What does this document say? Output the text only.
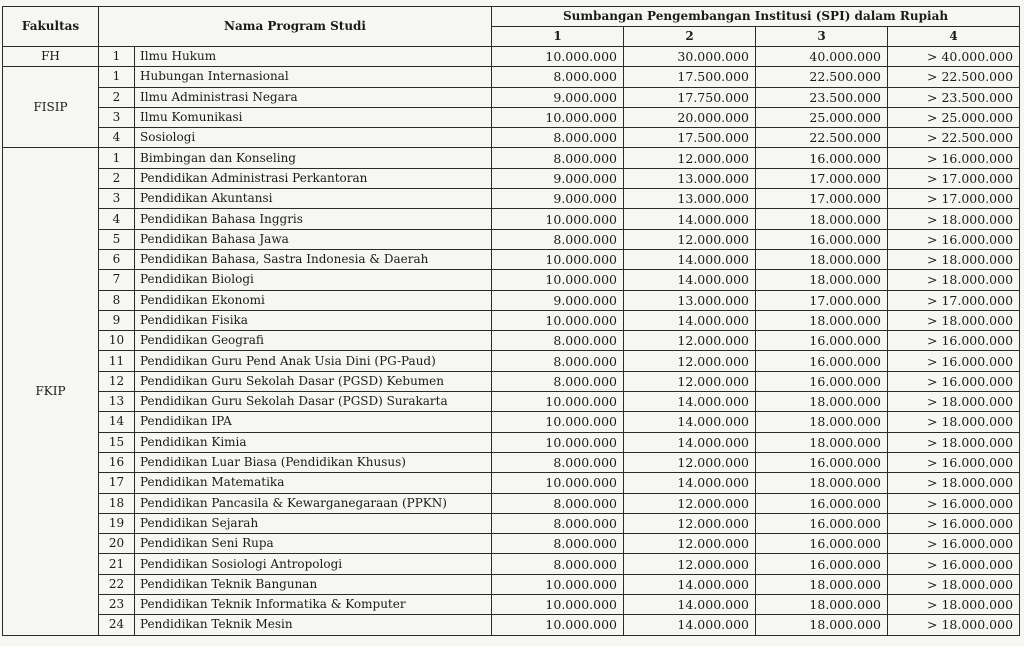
Fakultas	Nama Program Studi		Sumbangan Pengembangan Institusi (SPI) dalam Rupiah			
			1	2	3	4
FH	1	Ilmu Hukum	10.000.000	30.000.000	40.000.000	> 40.000.000
FISIP	1	Hubungan Internasional	8.000.000	17.500.000	22.500.000	> 22.500.000
	2	Ilmu Administrasi Negara	9.000.000	17.750.000	23.500.000	> 23.500.000
	3	Ilmu Komunikasi	10.000.000	20.000.000	25.000.000	> 25.000.000
	4	Sosiologi	8.000.000	17.500.000	22.500.000	> 22.500.000
FKIP	1	Bimbingan dan Konseling	8.000.000	12.000.000	16.000.000	> 16.000.000
	2	Pendidikan Administrasi Perkantoran	9.000.000	13.000.000	17.000.000	> 17.000.000
	3	Pendidikan Akuntansi	9.000.000	13.000.000	17.000.000	> 17.000.000
	4	Pendidikan Bahasa Inggris	10.000.000	14.000.000	18.000.000	> 18.000.000
	5	Pendidikan Bahasa Jawa	8.000.000	12.000.000	16.000.000	> 16.000.000
	6	Pendidikan Bahasa, Sastra Indonesia & Daerah	10.000.000	14.000.000	18.000.000	> 18.000.000
	7	Pendidikan Biologi	10.000.000	14.000.000	18.000.000	> 18.000.000
	8	Pendidikan Ekonomi	9.000.000	13.000.000	17.000.000	> 17.000.000
	9	Pendidikan Fisika	10.000.000	14.000.000	18.000.000	> 18.000.000
	10	Pendidikan Geografi	8.000.000	12.000.000	16.000.000	> 16.000.000
	11	Pendidikan Guru Pend Anak Usia Dini (PG-Paud)	8.000.000	12.000.000	16.000.000	> 16.000.000
	12	Pendidikan Guru Sekolah Dasar (PGSD) Kebumen	8.000.000	12.000.000	16.000.000	> 16.000.000
	13	Pendidikan Guru Sekolah Dasar (PGSD) Surakarta	10.000.000	14.000.000	18.000.000	> 18.000.000
	14	Pendidikan IPA	10.000.000	14.000.000	18.000.000	> 18.000.000
	15	Pendidikan Kimia	10.000.000	14.000.000	18.000.000	> 18.000.000
	16	Pendidikan Luar Biasa (Pendidikan Khusus)	8.000.000	12.000.000	16.000.000	> 16.000.000
	17	Pendidikan Matematika	10.000.000	14.000.000	18.000.000	> 18.000.000
	18	Pendidikan Pancasila & Kewarganegaraan (PPKN)	8.000.000	12.000.000	16.000.000	> 16.000.000
	19	Pendidikan Sejarah	8.000.000	12.000.000	16.000.000	> 16.000.000
	20	Pendidikan Seni Rupa	8.000.000	12.000.000	16.000.000	> 16.000.000
	21	Pendidikan Sosiologi Antropologi	8.000.000	12.000.000	16.000.000	> 16.000.000
	22	Pendidikan Teknik Bangunan	10.000.000	14.000.000	18.000.000	> 18.000.000
	23	Pendidikan Teknik Informatika & Komputer	10.000.000	14.000.000	18.000.000	> 18.000.000
	24	Pendidikan Teknik Mesin	10.000.000	14.000.000	18.000.000	> 18.000.000
